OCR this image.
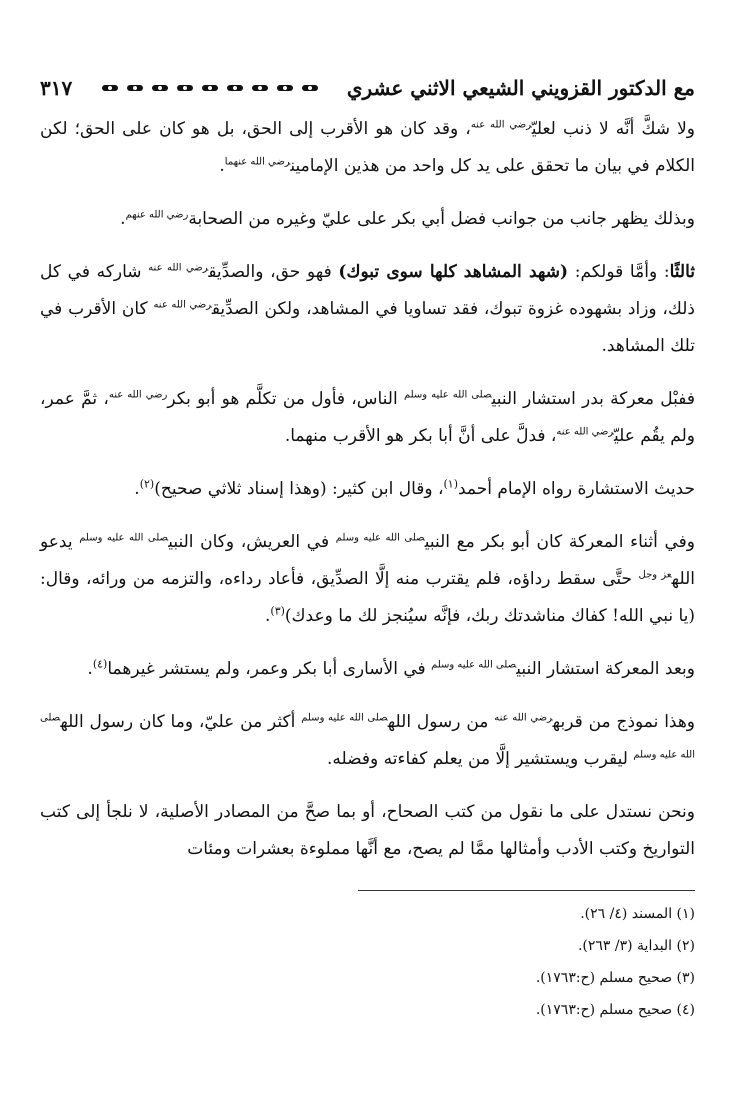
مع الدكتور القزويني الشيعي الاثني عشري
٣١٧

ولا شكَّ أنَّه لا ذنب لعليّ$^{رضي الله عنه}$، وقد كان هو الأقرب إلى الحق، بل هو كان على الحق؛ لكن الكلام في بيان ما تحقق على يد كل واحد من هذين الإمامين$^{رضي الله عنهما}$.

وبذلك يظهر جانب من جوانب فضل أبي بكر على عليّ وغيره من الصحابة$^{رضي الله عنهم}$.

ثالثًا: وأمَّا قولكم: (شهد المشاهد كلها سوى تبوك) فهو حق، والصدِّيق$^{رضي الله عنه}$ شاركه في كل ذلك، وزاد بشهوده غزوة تبوك، فقد تساويا في المشاهد، ولكن الصدِّيق$^{رضي الله عنه}$ كان الأقرب في تلك المشاهد.

ففبْل معركة بدر استشار النبي$^{صلى الله عليه وسلم}$ الناس، فأول من تكلَّم هو أبو بكر$^{رضي الله عنه}$، ثمَّ عمر، ولم يقُم عليّ$^{رضي الله عنه}$، فدلَّ على أنَّ أبا بكر هو الأقرب منهما.

حديث الاستشارة رواه الإمام أحمد$^{(١)}$، وقال ابن كثير: (وهذا إسناد ثلاثي صحيح)$^{(٢)}$.

وفي أثناء المعركة كان أبو بكر مع النبي$^{صلى الله عليه وسلم}$ في العريش، وكان النبي$^{صلى الله عليه وسلم}$ يدعو الله$^{عز وجل}$ حتَّى سقط رداؤه، فلم يقترب منه إلَّا الصدِّيق، فأعاد رداءه، والتزمه من ورائه، وقال: (يا نبي الله! كفاك مناشدتك ربك، فإنَّه سيُنجز لك ما وعدك)$^{(٣)}$.

وبعد المعركة استشار النبي$^{صلى الله عليه وسلم}$ في الأسارى أبا بكر وعمر، ولم يستشر غيرهما$^{(٤)}$.

وهذا نموذج من قربه$^{رضي الله عنه}$ من رسول الله$^{صلى الله عليه وسلم}$ أكثر من عليّ، وما كان رسول الله$^{صلى الله عليه وسلم}$ ليقرب ويستشير إلَّا من يعلم كفاءته وفضله.

ونحن نستدل على ما نقول من كتب الصحاح، أو بما صحَّ من المصادر الأصلية، لا نلجأ إلى كتب التواريخ وكتب الأدب وأمثالها ممَّا لم يصح، مع أنَّها مملوءة بعشرات ومئات

(١) المسند (٤/ ٢٦).

(٢) البداية (٣/ ٢٦٣).

(٣) صحيح مسلم (ح:١٧٦٣).

(٤) صحيح مسلم (ح:١٧٦٣).
